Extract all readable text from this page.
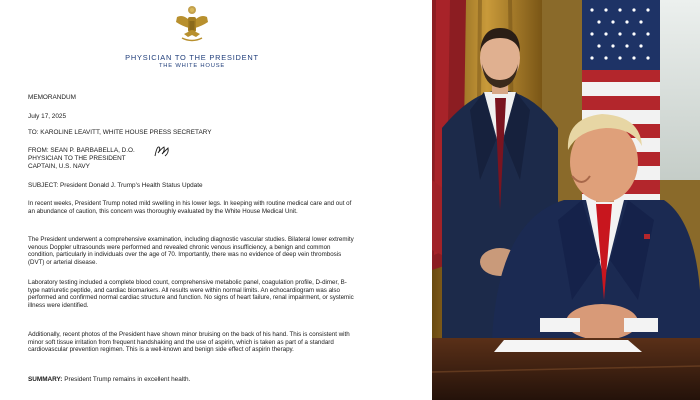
PHYSICIAN TO THE PRESIDENT
THE WHITE HOUSE
MEMORANDUM
July 17, 2025
TO: KAROLINE LEAVITT, WHITE HOUSE PRESS SECRETARY
FROM: SEAN P. BARBABELLA, D.O.
PHYSICIAN TO THE PRESIDENT
CAPTAIN, U.S. NAVY
SUBJECT: President Donald J. Trump's Health Status Update
In recent weeks, President Trump noted mild swelling in his lower legs. In keeping with routine medical care and out of an abundance of caution, this concern was thoroughly evaluated by the White House Medical Unit.
The President underwent a comprehensive examination, including diagnostic vascular studies. Bilateral lower extremity venous Doppler ultrasounds were performed and revealed chronic venous insufficiency, a benign and common condition, particularly in individuals over the age of 70. Importantly, there was no evidence of deep vein thrombosis (DVT) or arterial disease.
Laboratory testing included a complete blood count, comprehensive metabolic panel, coagulation profile, D-dimer, B-type natriuretic peptide, and cardiac biomarkers. All results were within normal limits. An echocardiogram was also performed and confirmed normal cardiac structure and function. No signs of heart failure, renal impairment, or systemic illness were identified.
Additionally, recent photos of the President have shown minor bruising on the back of his hand. This is consistent with minor soft tissue irritation from frequent handshaking and the use of aspirin, which is taken as part of a standard cardiovascular prevention regimen. This is a well-known and benign side effect of aspirin therapy.
SUMMARY: President Trump remains in excellent health.
